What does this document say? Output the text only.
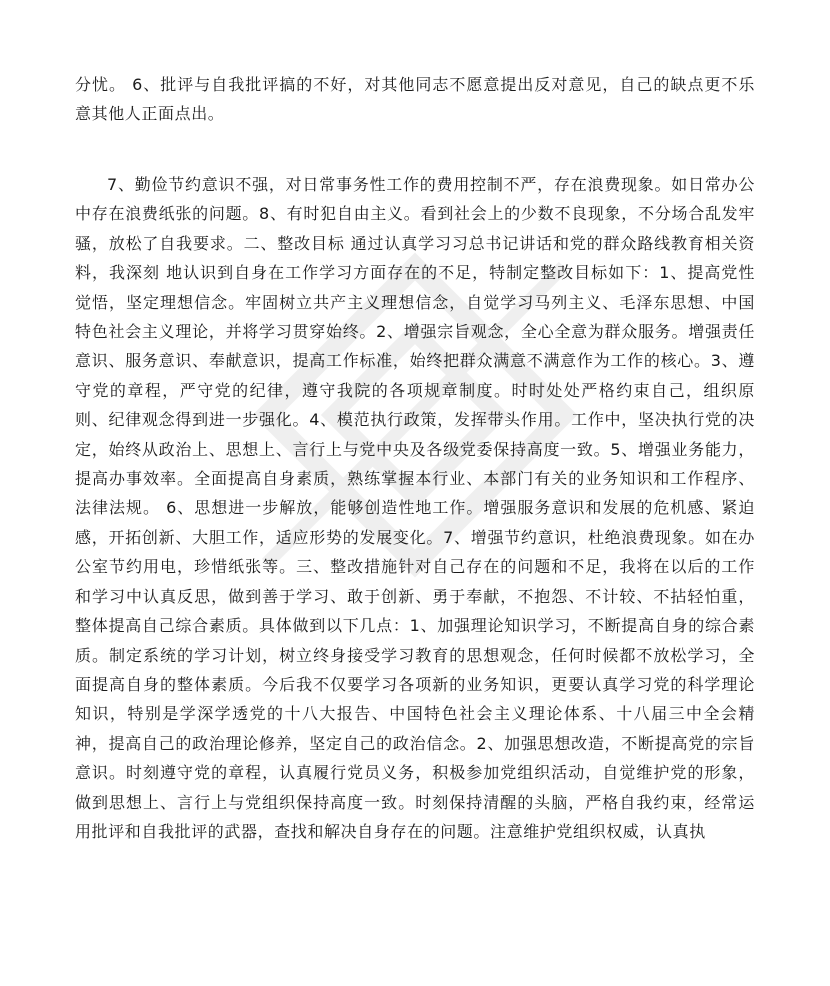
分忧。 6、批评与自我批评搞的不好，对其他同志不愿意提出反对意见，自己的缺点更不乐意其他人正面点出。

7、勤俭节约意识不强，对日常事务性工作的费用控制不严，存在浪费现象。如日常办公中存在浪费纸张的问题。8、有时犯自由主义。看到社会上的少数不良现象，不分场合乱发牢骚，放松了自我要求。二、整改目标 通过认真学习习总书记讲话和党的群众路线教育相关资料，我深刻 地认识到自身在工作学习方面存在的不足，特制定整改目标如下：1、提高党性觉悟，坚定理想信念。牢固树立共产主义理想信念，自觉学习马列主义、毛泽东思想、中国特色社会主义理论，并将学习贯穿始终。2、增强宗旨观念，全心全意为群众服务。增强责任意识、服务意识、奉献意识，提高工作标准，始终把群众满意不满意作为工作的核心。3、遵守党的章程，严守党的纪律，遵守我院的各项规章制度。时时处处严格约束自己，组织原则、纪律观念得到进一步强化。4、模范执行政策，发挥带头作用。工作中，坚决执行党的决定，始终从政治上、思想上、言行上与党中央及各级党委保持高度一致。5、增强业务能力，提高办事效率。全面提高自身素质，熟练掌握本行业、本部门有关的业务知识和工作程序、法律法规。 6、思想进一步解放，能够创造性地工作。增强服务意识和发展的危机感、紧迫感，开拓创新、大胆工作，适应形势的发展变化。7、增强节约意识，杜绝浪费现象。如在办公室节约用电，珍惜纸张等。三、整改措施针对自己存在的问题和不足，我将在以后的工作和学习中认真反思，做到善于学习、敢于创新、勇于奉献，不抱怨、不计较、不拈轻怕重，整体提高自己综合素质。具体做到以下几点：1、加强理论知识学习，不断提高自身的综合素质。制定系统的学习计划，树立终身接受学习教育的思想观念，任何时候都不放松学习，全面提高自身的整体素质。今后我不仅要学习各项新的业务知识，更要认真学习党的科学理论知识，特别是学深学透党的十八大报告、中国特色社会主义理论体系、十八届三中全会精神，提高自己的政治理论修养，坚定自己的政治信念。2、加强思想改造，不断提高党的宗旨意识。时刻遵守党的章程，认真履行党员义务，积极参加党组织活动，自觉维护党的形象，做到思想上、言行上与党组织保持高度一致。时刻保持清醒的头脑，严格自我约束，经常运用批评和自我批评的武器，查找和解决自身存在的问题。注意维护党组织权威，认真执
